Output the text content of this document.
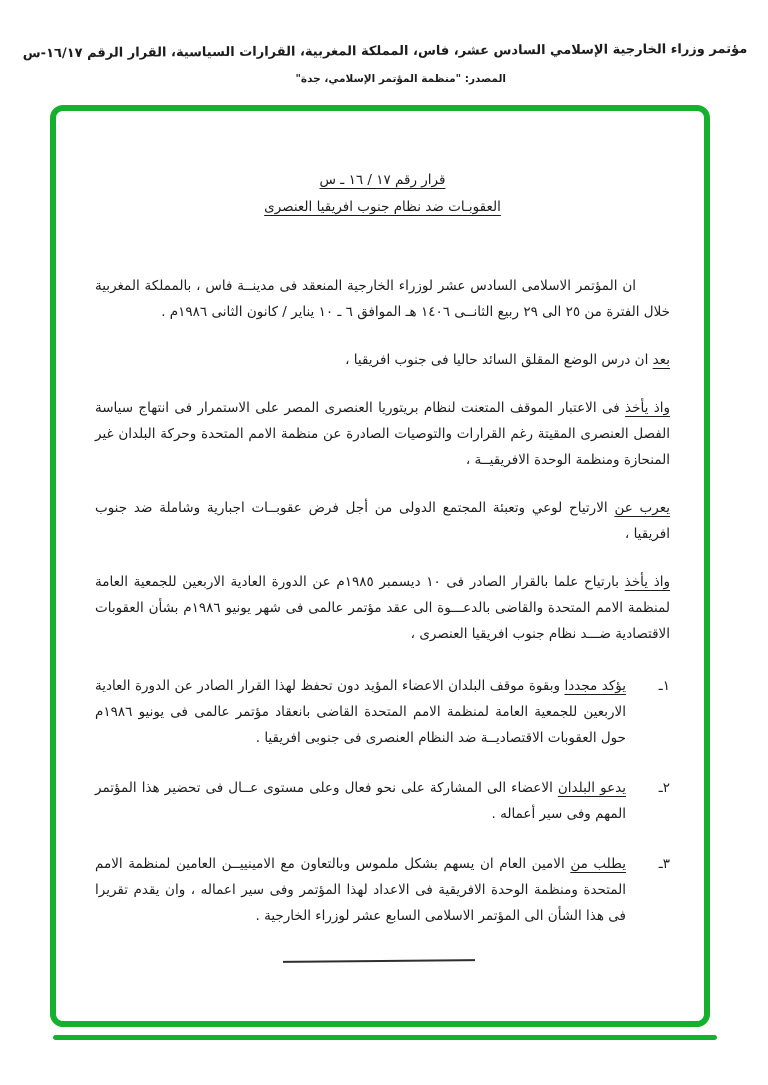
مؤتمر وزراء الخارجية الإسلامي السادس عشر، فاس، المملكة المغربية، القرارات السياسية، القرار الرقم ١٦/١٧-س
المصدر: "منظمة المؤتمر الإسلامي، جدة"
قرار رقم ١٧ / ١٦ ـ س
العقوبـات ضد نظام جنوب افريقيا العنصرى

ان المؤتمر الاسلامى السادس عشر لوزراء الخارجية المنعقد فى مدينــة فاس ، بالمملكة المغربية خلال الفترة من ٢٥ الى ٢٩ ربيع الثانــى ١٤٠٦ هـ الموافق ٦ ـ ١٠ يناير / كانون الثانى ١٩٨٦م .

بعد ان درس الوضع المقلق السائد حاليا فى جنوب افريقيا ،

واذ يأخذ فى الاعتبار الموقف المتعنت لنظام بريتوريا العنصرى المصر على الاستمرار فى انتهاج سياسة الفصل العنصرى المقيتة رغم القرارات والتوصيات الصادرة عن منظمة الامم المتحدة وحركة البلدان غير المنحازة ومنظمة الوحدة الافريقيــة ،

يعرب عن الارتياح لوعي وتعبئة المجتمع الدولى من أجل فرض عقوبــات اجبارية وشاملة ضد جنوب افريقيا ،

واذ يأخذ بارتياح علما بالقرار الصادر فى ١٠ ديسمبر ١٩٨٥م عن الدورة العادية الاربعين للجمعية العامة لمنظمة الامم المتحدة والقاضى بالدعـــوة الى عقد مؤتمر عالمى فى شهر يونيو ١٩٨٦م بشأن العقوبات الاقتصادية ضـــد نظام جنوب افريقيا العنصرى ،

١ـ
يؤكد مجددا وبقوة موقف البلدان الاعضاء المؤيد دون تحفظ لهذا القرار الصادر عن الدورة العادية الاربعين للجمعية العامة لمنظمة الامم المتحدة القاضى بانعقاد مؤتمر عالمى فى يونيو ١٩٨٦م حول العقوبات الاقتصاديــة ضد النظام العنصرى فى جنوبى افريقيا .
٢ـ
يدعو البلدان الاعضاء الى المشاركة على نحو فعال وعلى مستوى عــال فى تحضير هذا المؤتمر المهم وفى سير أعماله .
٣ـ
يطلب من الامين العام ان يسهم بشكل ملموس وبالتعاون مع الامينييــن العامين لمنظمة الامم المتحدة ومنظمة الوحدة الافريقية فى الاعداد لهذا المؤتمر وفى سير اعماله ، وان يقدم تقريرا فى هذا الشأن الى المؤتمر الاسلامى السابع عشر لوزراء الخارجية .
